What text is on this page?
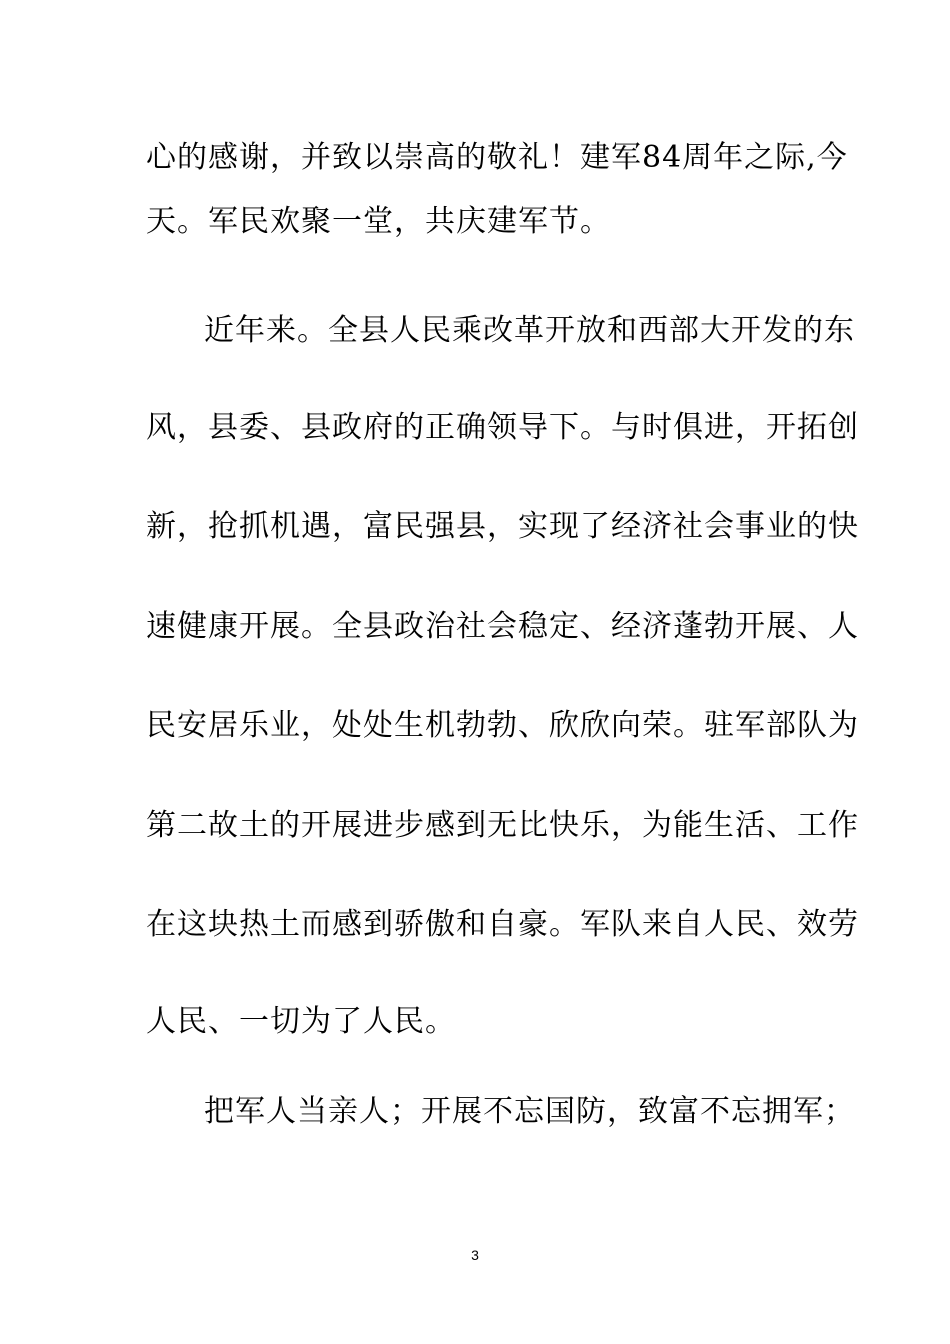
心的感谢，并致以崇高的敬礼！建军84周年之际,今
天。军民欢聚一堂，共庆建军节。
近年来。全县人民乘改革开放和西部大开发的东
风，县委、县政府的正确领导下。与时俱进，开拓创
新，抢抓机遇，富民强县，实现了经济社会事业的快
速健康开展。全县政治社会稳定、经济蓬勃开展、人
民安居乐业，处处生机勃勃、欣欣向荣。驻军部队为
第二故土的开展进步感到无比快乐，为能生活、工作
在这块热土而感到骄傲和自豪。军队来自人民、效劳
人民、一切为了人民。
把军人当亲人；开展不忘国防，致富不忘拥军；
3
